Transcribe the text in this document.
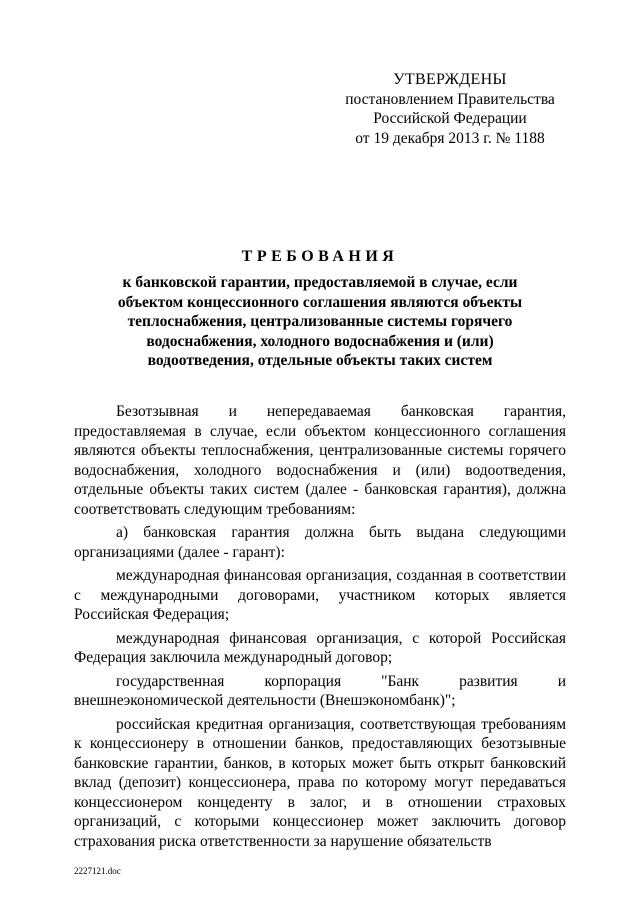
УТВЕРЖДЕНЫ
постановлением Правительства
Российской Федерации
от 19 декабря 2013 г. № 1188
ТРЕБОВАНИЯ
к банковской гарантии, предоставляемой в случае, если объектом концессионного соглашения являются объекты теплоснабжения, централизованные системы горячего водоснабжения, холодного водоснабжения и (или) водоотведения, отдельные объекты таких систем

Безотзывная и непередаваемая банковская гарантия, предоставляемая в случае, если объектом концессионного соглашения являются объекты теплоснабжения, централизованные системы горячего водоснабжения, холодного водоснабжения и (или) водоотведения, отдельные объекты таких систем (далее - банковская гарантия), должна соответствовать следующим требованиям:

а) банковская гарантия должна быть выдана следующими организациями (далее - гарант):

международная финансовая организация, созданная в соответствии с международными договорами, участником которых является Российская Федерация;

международная финансовая организация, с которой Российская Федерация заключила международный договор;

государственная корпорация "Банк развития и внешнеэкономической деятельности (Внешэкономбанк)";

российская кредитная организация, соответствующая требованиям к концессионеру в отношении банков, предоставляющих безотзывные банковские гарантии, банков, в которых может быть открыт банковский вклад (депозит) концессионера, права по которому могут передаваться концессионером концеденту в залог, и в отношении страховых организаций, с которыми концессионер может заключить договор страхования риска ответственности за нарушение обязательств

2227121.doc
